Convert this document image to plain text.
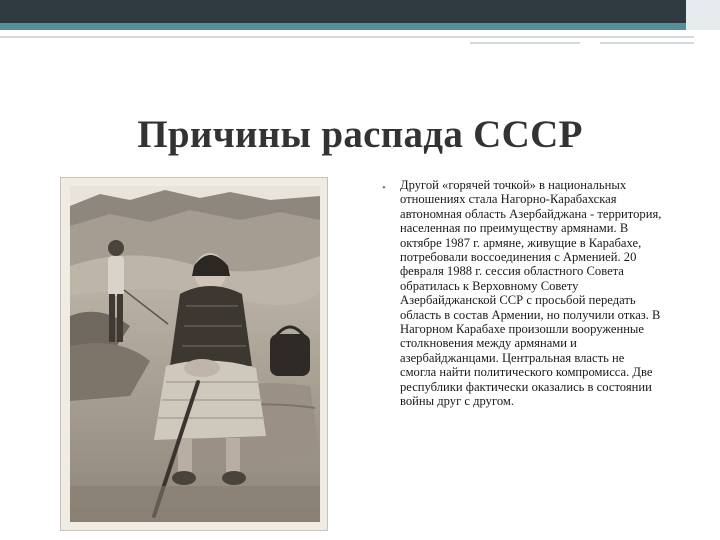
Причины распада СССР
• Другой «горячей точкой» в национальных отношениях стала Нагорно-Карабахская автономная область Азербайджана - территория, населенная по преимуществу армянами. В октябре 1987 г. армяне, живущие в Карабахе, потребовали воссоединения с Арменией. 20 февраля 1988 г. сессия областного Совета обратилась к Верховному Совету Азербайджанской ССР с просьбой передать область в состав Армении, но получили отказ. В Нагорном Карабахе произошли вооруженные столкновения между армянами и азербайджанцами. Центральная власть не смогла найти политического компромисса. Две республики фактически оказались в состоянии войны друг с другом.
